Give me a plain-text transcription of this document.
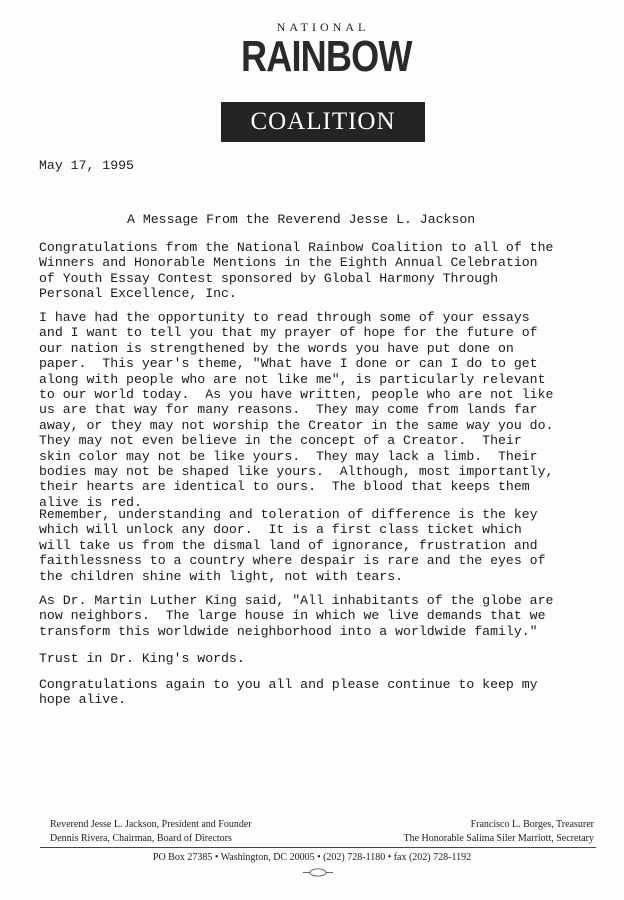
NATIONAL
RAINBOW
COALITION

May 17, 1995

A Message From the Reverend Jesse L. Jackson

Congratulations from the National Rainbow Coalition to all of the
Winners and Honorable Mentions in the Eighth Annual Celebration
of Youth Essay Contest sponsored by Global Harmony Through
Personal Excellence, Inc.

I have had the opportunity to read through some of your essays
and I want to tell you that my prayer of hope for the future of
our nation is strengthened by the words you have put done on
paper.  This year's theme, "What have I done or can I do to get
along with people who are not like me", is particularly relevant
to our world today.  As you have written, people who are not like
us are that way for many reasons.  They may come from lands far
away, or they may not worship the Creator in the same way you do.
They may not even believe in the concept of a Creator.  Their
skin color may not be like yours.  They may lack a limb.  Their
bodies may not be shaped like yours.  Although, most importantly,
their hearts are identical to ours.  The blood that keeps them
alive is red.

Remember, understanding and toleration of difference is the key
which will unlock any door.  It is a first class ticket which
will take us from the dismal land of ignorance, frustration and
faithlessness to a country where despair is rare and the eyes of
the children shine with light, not with tears.

As Dr. Martin Luther King said, "All inhabitants of the globe are
now neighbors.  The large house in which we live demands that we
transform this worldwide neighborhood into a worldwide family."

Trust in Dr. King's words.

Congratulations again to you all and please continue to keep my
hope alive.

Reverend Jesse L. Jackson, President and Founder
Dennis Rivera, Chairman, Board of Directors
Francisco L. Borges, Treasurer
The Honorable Salima Siler Marriott, Secretary
PO Box 27385 • Washington, DC 20005 • (202) 728-1180 • fax (202) 728-1192
